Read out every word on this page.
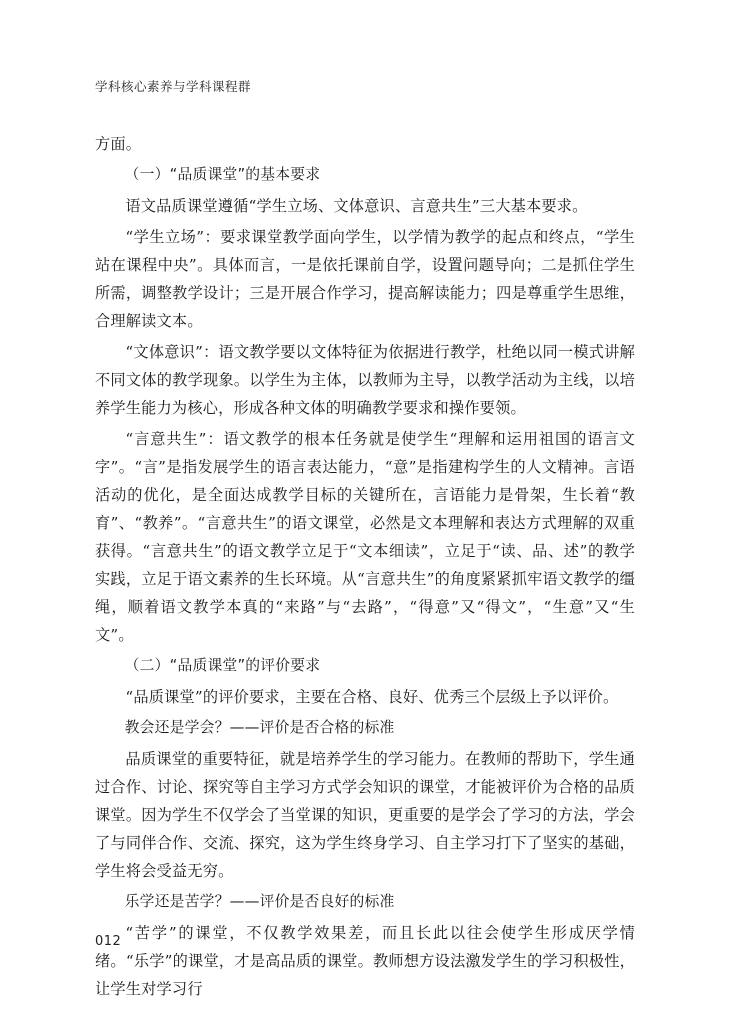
学科核心素养与学科课程群

方面。

（一）“品质课堂”的基本要求

语文品质课堂遵循“学生立场、文体意识、言意共生”三大基本要求。

“学生立场”：要求课堂教学面向学生，以学情为教学的起点和终点，“学生站在课程中央”。具体而言，一是依托课前自学，设置问题导向；二是抓住学生所需，调整教学设计；三是开展合作学习，提高解读能力；四是尊重学生思维，合理解读文本。

“文体意识”：语文教学要以文体特征为依据进行教学，杜绝以同一模式讲解不同文体的教学现象。以学生为主体，以教师为主导，以教学活动为主线，以培养学生能力为核心，形成各种文体的明确教学要求和操作要领。

“言意共生”：语文教学的根本任务就是使学生“理解和运用祖国的语言文字”。“言”是指发展学生的语言表达能力，“意”是指建构学生的人文精神。言语活动的优化，是全面达成教学目标的关键所在，言语能力是骨架，生长着“教育”、“教养”。“言意共生”的语文课堂，必然是文本理解和表达方式理解的双重获得。“言意共生”的语文教学立足于“文本细读”，立足于“读、品、述”的教学实践，立足于语文素养的生长环境。从“言意共生”的角度紧紧抓牢语文教学的缰绳，顺着语文教学本真的“来路”与“去路”，“得意”又“得文”，“生意”又“生文”。

（二）“品质课堂”的评价要求

“品质课堂”的评价要求，主要在合格、良好、优秀三个层级上予以评价。

教会还是学会？——评价是否合格的标准

品质课堂的重要特征，就是培养学生的学习能力。在教师的帮助下，学生通过合作、讨论、探究等自主学习方式学会知识的课堂，才能被评价为合格的品质课堂。因为学生不仅学会了当堂课的知识，更重要的是学会了学习的方法，学会了与同伴合作、交流、探究，这为学生终身学习、自主学习打下了坚实的基础，学生将会受益无穷。

乐学还是苦学？——评价是否良好的标准

“苦学”的课堂，不仅教学效果差，而且长此以往会使学生形成厌学情绪。“乐学”的课堂，才是高品质的课堂。教师想方设法激发学生的学习积极性，让学生对学习行

012
